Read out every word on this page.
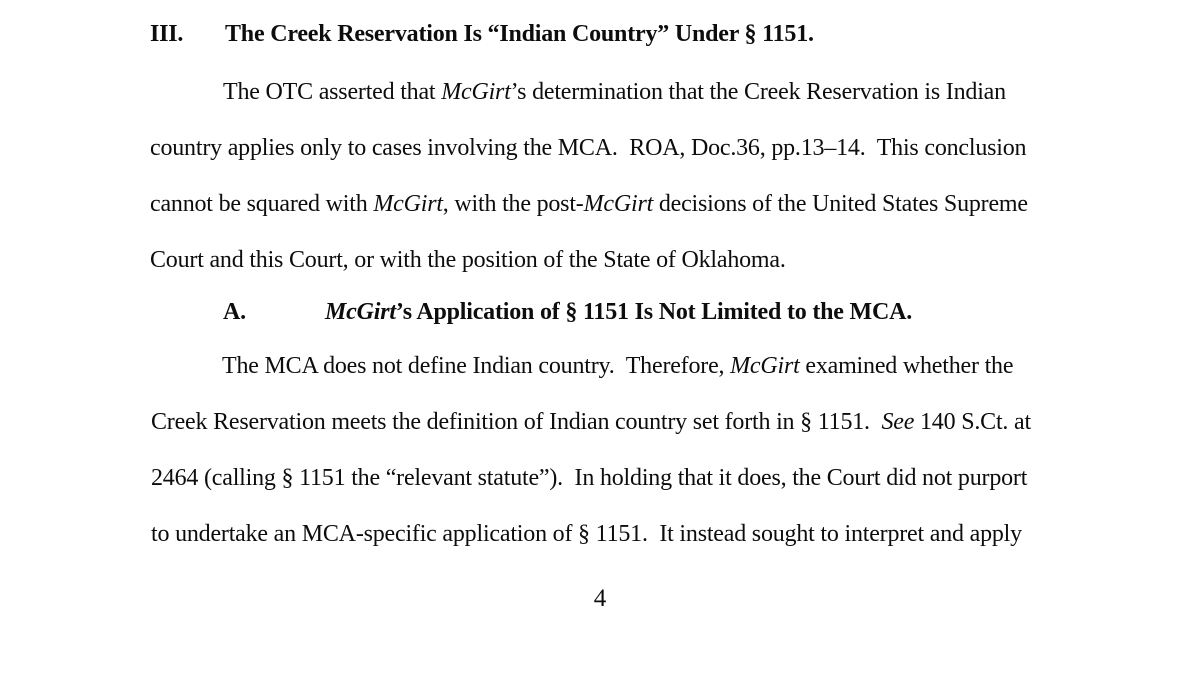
III. The Creek Reservation Is “Indian Country” Under § 1151.
The OTC asserted that McGirt’s determination that the Creek Reservation is Indian
country applies only to cases involving the MCA.  ROA, Doc.36, pp.13–14.  This conclusion
cannot be squared with McGirt, with the post-McGirt decisions of the United States Supreme
Court and this Court, or with the position of the State of Oklahoma.
A.	McGirt’s Application of § 1151 Is Not Limited to the MCA.
The MCA does not define Indian country.  Therefore, McGirt examined whether the
Creek Reservation meets the definition of Indian country set forth in § 1151.  See 140 S.Ct. at
2464 (calling § 1151 the “relevant statute”).  In holding that it does, the Court did not purport
to undertake an MCA-specific application of § 1151.  It instead sought to interpret and apply
4
